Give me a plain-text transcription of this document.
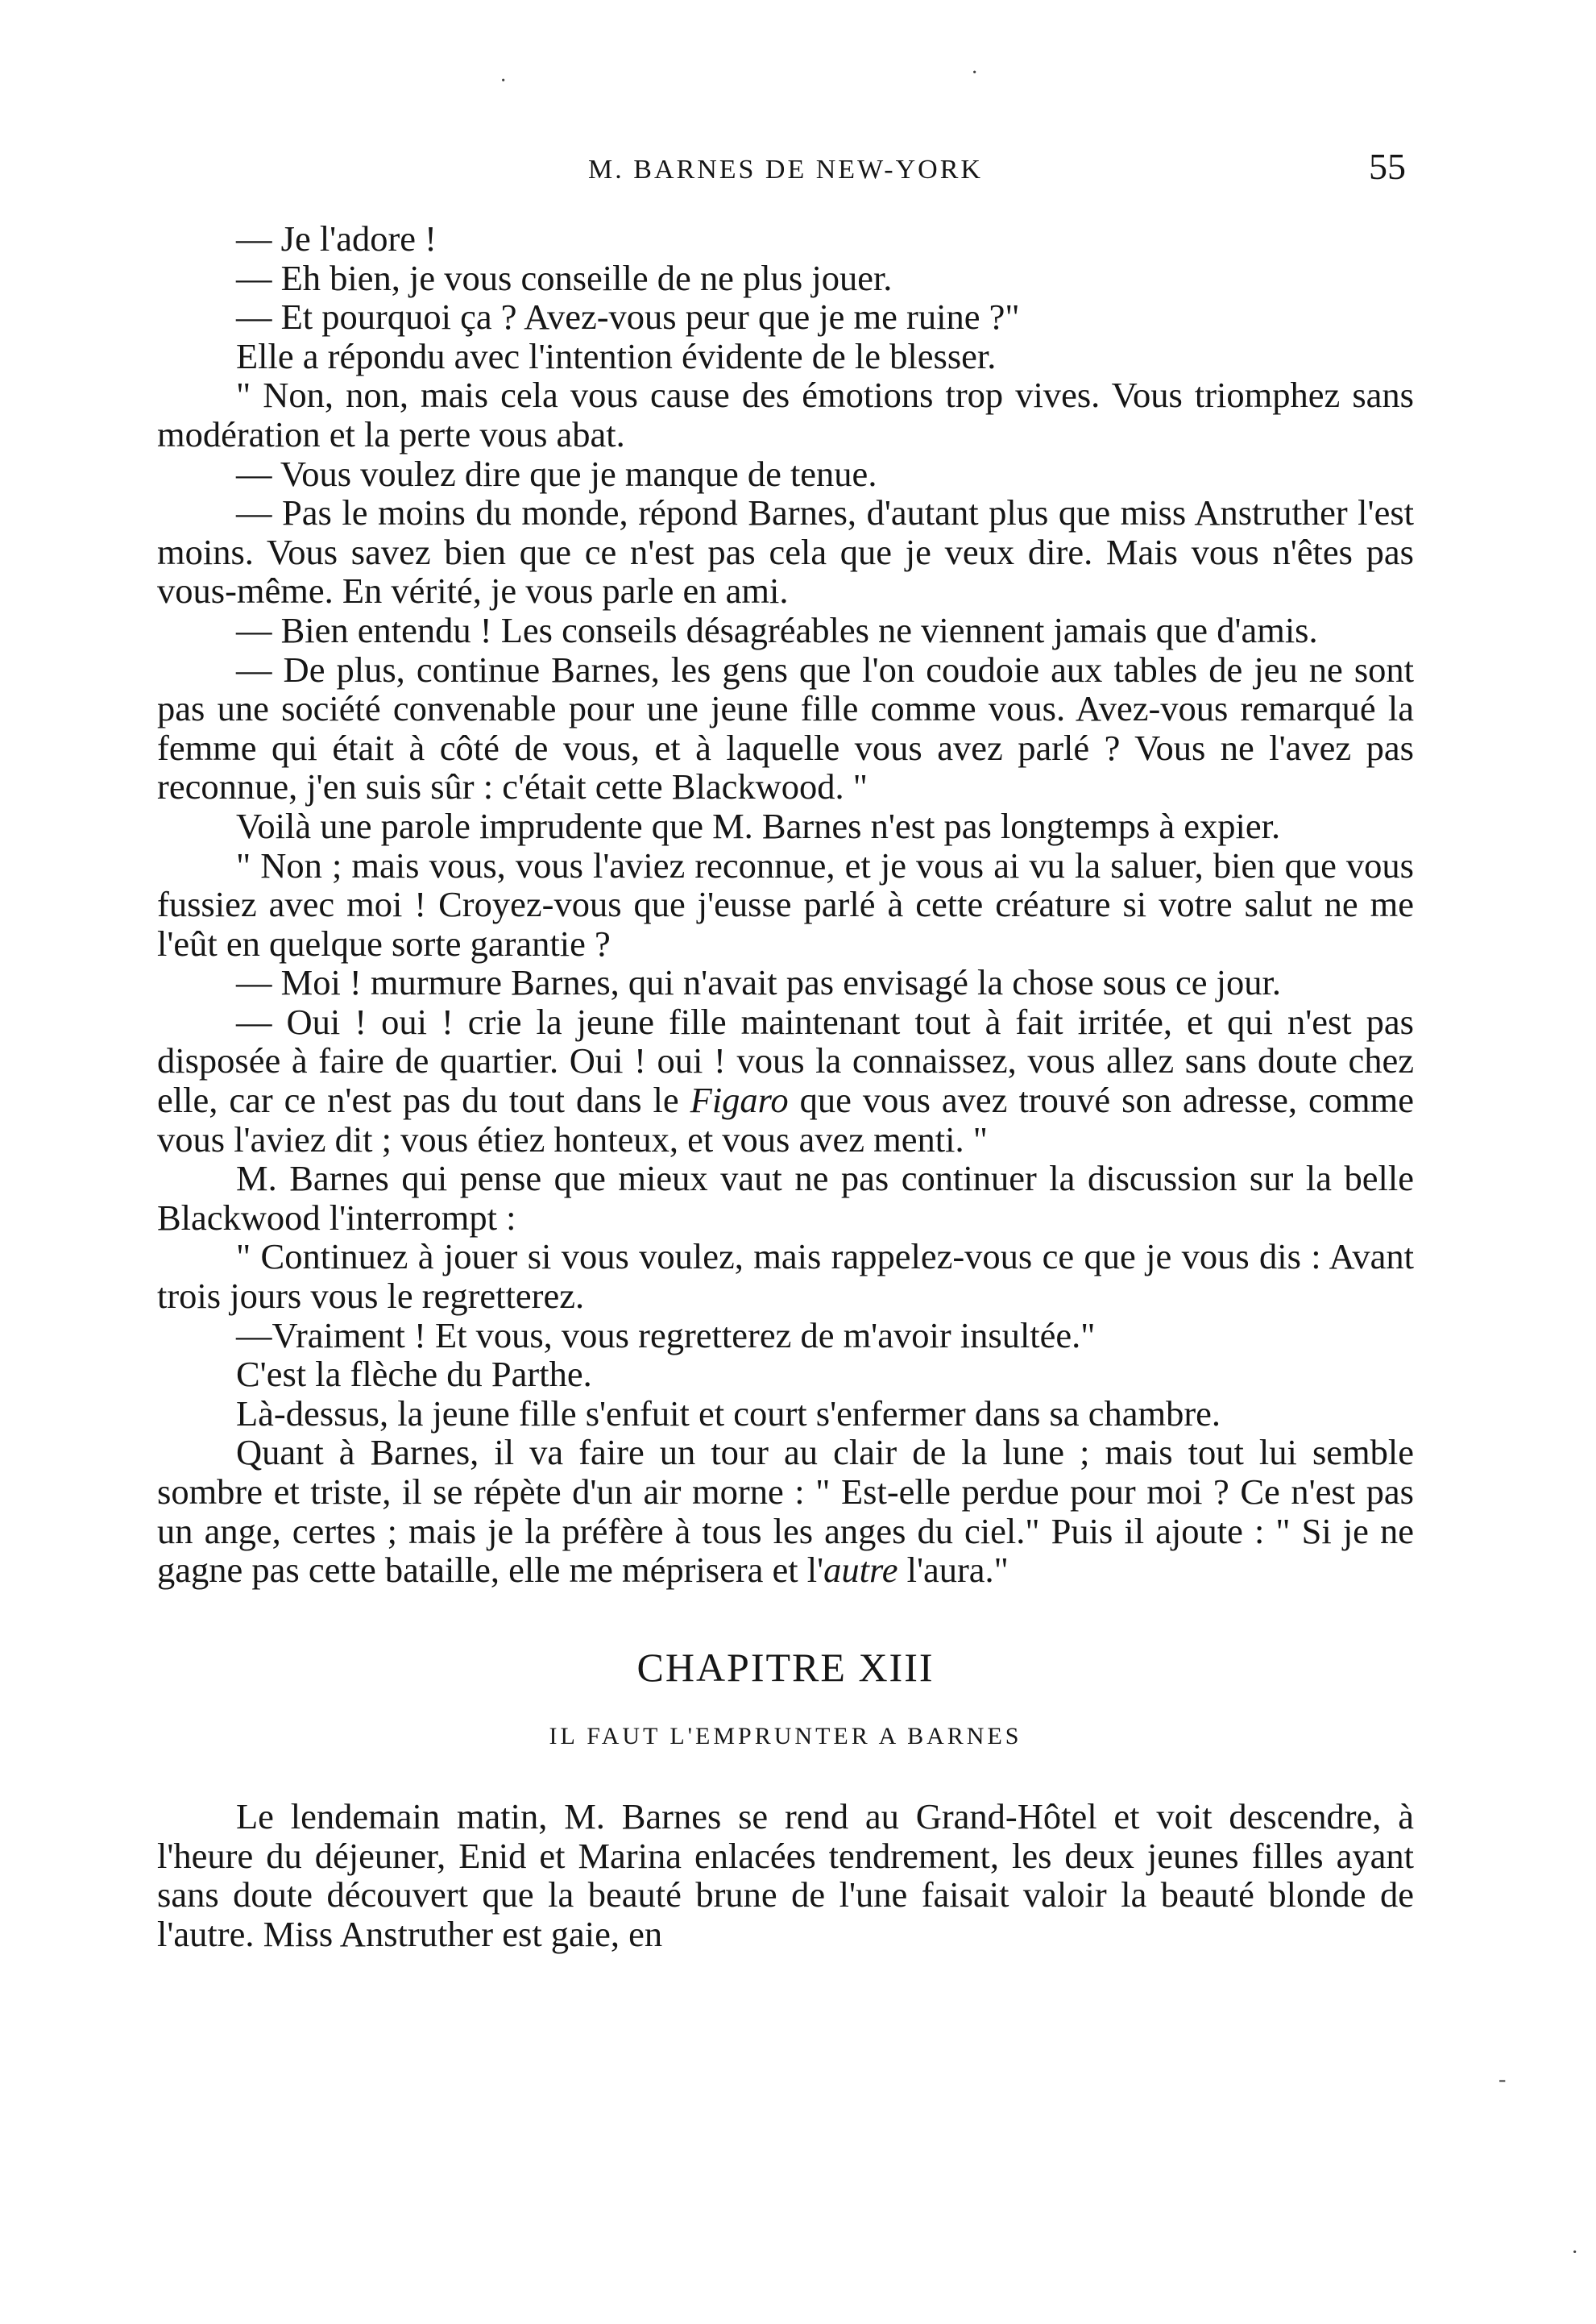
M. BARNES DE NEW-YORK	55

— Je l'adore !

— Eh bien, je vous conseille de ne plus jouer.

— Et pourquoi ça ? Avez-vous peur que je me ruine ?"

Elle a répondu avec l'intention évidente de le blesser.

" Non, non, mais cela vous cause des émotions trop vives. Vous triomphez sans modération et la perte vous abat.

— Vous voulez dire que je manque de tenue.

— Pas le moins du monde, répond Barnes, d'autant plus que miss Anstruther l'est moins. Vous savez bien que ce n'est pas cela que je veux dire. Mais vous n'êtes pas vous-même. En vérité, je vous parle en ami.

— Bien entendu ! Les conseils désagréables ne viennent jamais que d'amis.

— De plus, continue Barnes, les gens que l'on coudoie aux tables de jeu ne sont pas une société convenable pour une jeune fille comme vous. Avez-vous remarqué la femme qui était à côté de vous, et à laquelle vous avez parlé ? Vous ne l'avez pas reconnue, j'en suis sûr : c'était cette Blackwood. "

Voilà une parole imprudente que M. Barnes n'est pas longtemps à expier.

" Non ; mais vous, vous l'aviez reconnue, et je vous ai vu la saluer, bien que vous fussiez avec moi ! Croyez-vous que j'eusse parlé à cette créature si votre salut ne me l'eût en quelque sorte garantie ?

— Moi ! murmure Barnes, qui n'avait pas envisagé la chose sous ce jour.

— Oui ! oui ! crie la jeune fille maintenant tout à fait irritée, et qui n'est pas disposée à faire de quartier. Oui ! oui ! vous la connaissez, vous allez sans doute chez elle, car ce n'est pas du tout dans le Figaro que vous avez trouvé son adresse, comme vous l'aviez dit ; vous étiez honteux, et vous avez menti. "

M. Barnes qui pense que mieux vaut ne pas continuer la discussion sur la belle Blackwood l'interrompt :

" Continuez à jouer si vous voulez, mais rappelez-vous ce que je vous dis : Avant trois jours vous le regretterez.

—Vraiment ! Et vous, vous regretterez de m'avoir insultée."

C'est la flèche du Parthe.

Là-dessus, la jeune fille s'enfuit et court s'enfermer dans sa chambre.

Quant à Barnes, il va faire un tour au clair de la lune ; mais tout lui semble sombre et triste, il se répète d'un air morne : " Est-elle perdue pour moi ? Ce n'est pas un ange, certes ; mais je la préfère à tous les anges du ciel." Puis il ajoute : " Si je ne gagne pas cette bataille, elle me méprisera et l'autre l'aura."

CHAPITRE XIII
IL FAUT L'EMPRUNTER A BARNES

Le lendemain matin, M. Barnes se rend au Grand-Hôtel et voit descendre, à l'heure du déjeuner, Enid et Marina enlacées tendrement, les deux jeunes filles ayant sans doute découvert que la beauté brune de l'une faisait valoir la beauté blonde de l'autre. Miss Anstruther est gaie, en

·	·
-
·
